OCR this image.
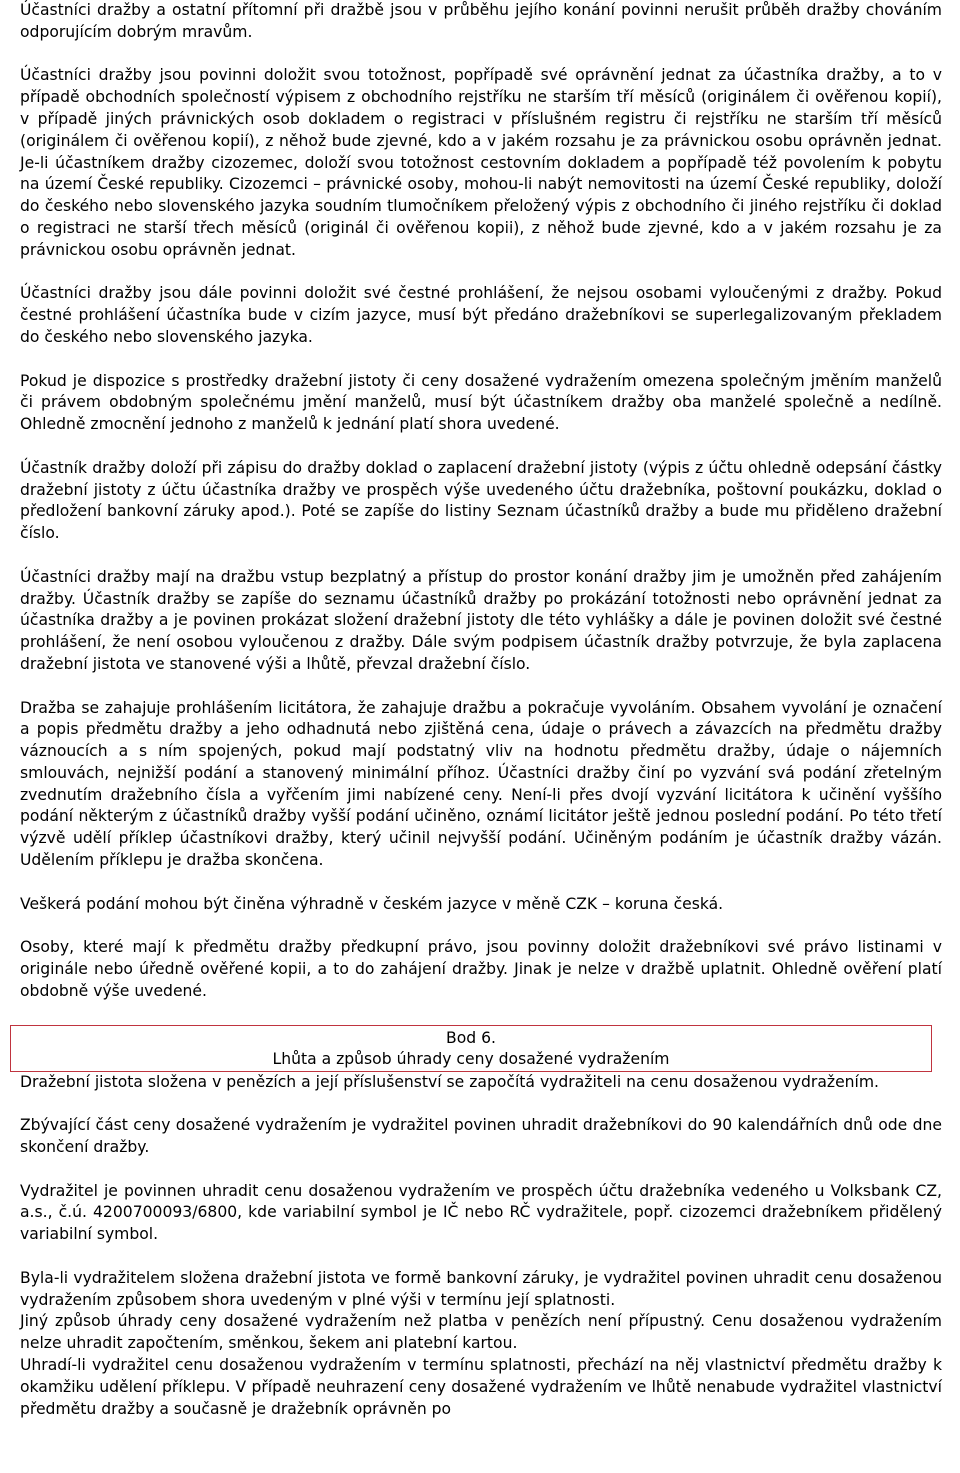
Účastníci dražby a ostatní přítomní při dražbě jsou v průběhu jejího konání povinni nerušit průběh dražby chováním odporujícím dobrým mravům.

Účastníci dražby jsou povinni doložit svou totožnost, popřípadě své oprávnění jednat za účastníka dražby, a to v případě obchodních společností výpisem z obchodního rejstříku ne starším tří měsíců (originálem či ověřenou kopií), v případě jiných právnických osob dokladem o registraci v příslušném registru či rejstříku ne starším tří měsíců (originálem či ověřenou kopií), z něhož bude zjevné, kdo a v jakém rozsahu je za právnickou osobu oprávněn jednat. Je-li účastníkem dražby cizozemec, doloží svou totožnost cestovním dokladem a popřípadě též povolením k pobytu na území České republiky. Cizozemci – právnické osoby, mohou-li nabýt nemovitosti na území České republiky, doloží do českého nebo slovenského jazyka soudním tlumočníkem přeložený výpis z obchodního či jiného rejstříku či doklad o registraci ne starší třech měsíců (originál či ověřenou kopii), z něhož bude zjevné, kdo a v jakém rozsahu je za právnickou osobu oprávněn jednat.

Účastníci dražby jsou dále povinni doložit své čestné prohlášení, že nejsou osobami vyloučenými z dražby. Pokud čestné prohlášení účastníka bude v cizím jazyce, musí být předáno dražebníkovi se superlegalizovaným překladem do českého nebo slovenského jazyka.

Pokud je dispozice s prostředky dražební jistoty či ceny dosažené vydražením omezena společným jměním manželů či právem obdobným společnému jmění manželů, musí být účastníkem dražby oba manželé společně a nedílně. Ohledně zmocnění jednoho z manželů k jednání platí shora uvedené.

Účastník dražby doloží při zápisu do dražby doklad o zaplacení dražební jistoty (výpis z účtu ohledně odepsání částky dražební jistoty z účtu účastníka dražby ve prospěch výše uvedeného účtu dražebníka, poštovní poukázku, doklad o předložení bankovní záruky apod.). Poté se zapíše do listiny Seznam účastníků dražby a bude mu přiděleno dražební číslo.

Účastníci dražby mají na dražbu vstup bezplatný a přístup do prostor konání dražby jim je umožněn před zahájením dražby. Účastník dražby se zapíše do seznamu účastníků dražby po prokázání totožnosti nebo oprávnění jednat za účastníka dražby a je povinen prokázat složení dražební jistoty dle této vyhlášky a dále je povinen doložit své čestné prohlášení, že není osobou vyloučenou z dražby. Dále svým podpisem účastník dražby potvrzuje, že byla zaplacena dražební jistota ve stanovené výši a lhůtě, převzal dražební číslo.

Dražba se zahajuje prohlášením licitátora, že zahajuje dražbu a pokračuje vyvoláním. Obsahem vyvolání je označení a popis předmětu dražby a jeho odhadnutá nebo zjištěná cena, údaje o právech a závazcích na předmětu dražby váznoucích a s ním spojených, pokud mají podstatný vliv na hodnotu předmětu dražby, údaje o nájemních smlouvách, nejnižší podání a stanovený minimální příhoz. Účastníci dražby činí po vyzvání svá podání zřetelným zvednutím dražebního čísla a vyřčením jimi nabízené ceny. Není-li přes dvojí vyzvání licitátora k učinění vyššího podání některým z účastníků dražby vyšší podání učiněno, oznámí licitátor ještě jednou poslední podání. Po této třetí výzvě udělí příklep účastníkovi dražby, který učinil nejvyšší podání. Učiněným podáním je účastník dražby vázán. Udělením příklepu je dražba skončena.

Veškerá podání mohou být činěna výhradně v českém jazyce v měně CZK – koruna česká.

Osoby, které mají k předmětu dražby předkupní právo, jsou povinny doložit dražebníkovi své právo listinami v originále nebo úředně ověřené kopii, a to do zahájení dražby. Jinak je nelze v dražbě uplatnit. Ohledně ověření platí obdobně výše uvedené.

Bod 6.
Lhůta a způsob úhrady ceny dosažené vydražením

Dražební jistota složena v penězích a její příslušenství se započítá vydražiteli na cenu dosaženou vydražením.

Zbývající část ceny dosažené vydražením je vydražitel povinen uhradit dražebníkovi do 90 kalendářních dnů ode dne skončení dražby.

Vydražitel je povinnen uhradit cenu dosaženou vydražením ve prospěch účtu dražebníka vedeného u Volksbank CZ, a.s., č.ú. 4200700093/6800, kde variabilní symbol je IČ nebo RČ vydražitele, popř. cizozemci dražebníkem přidělený variabilní symbol.

Byla-li vydražitelem složena dražební jistota ve formě bankovní záruky, je vydražitel povinen uhradit cenu dosaženou vydražením způsobem shora uvedeným v plné výši v termínu její splatnosti.

Jiný způsob úhrady ceny dosažené vydražením než platba v penězích není přípustný. Cenu dosaženou vydražením nelze uhradit započtením, směnkou, šekem ani platební kartou.

Uhradí-li vydražitel cenu dosaženou vydražením v termínu splatnosti, přechází na něj vlastnictví předmětu dražby k okamžiku udělení příklepu. V případě neuhrazení ceny dosažené vydražením ve lhůtě nenabude vydražitel vlastnictví předmětu dražby a současně je dražebník oprávněn po
